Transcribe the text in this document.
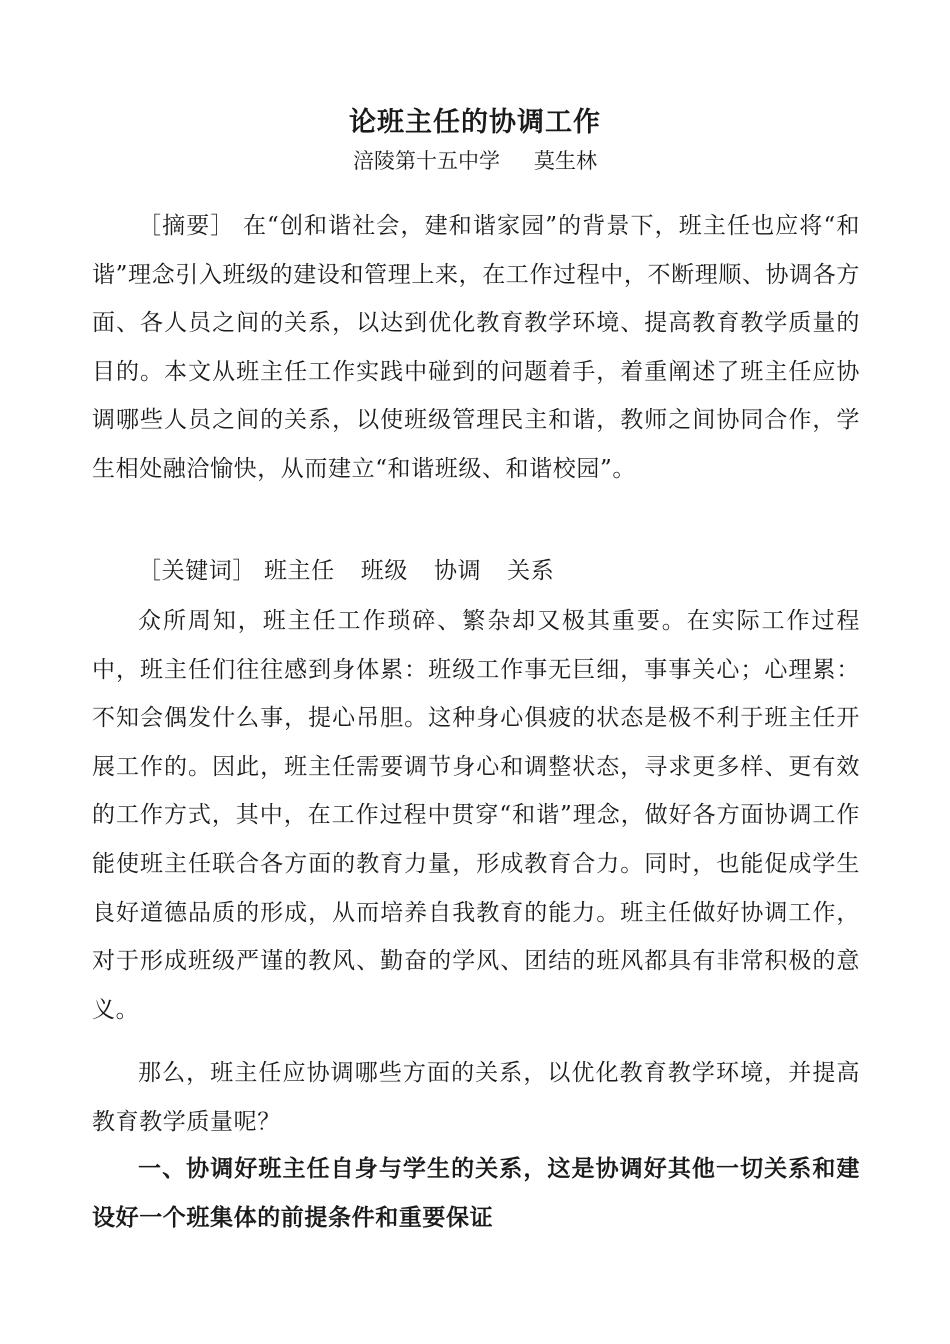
论班主任的协调工作
涪陵第十五中学 莫生林

［摘要］ 在“创和谐社会，建和谐家园”的背景下，班主任也应将“和谐”理念引入班级的建设和管理上来，在工作过程中，不断理顺、协调各方面、各人员之间的关系，以达到优化教育教学环境、提高教育教学质量的目的。本文从班主任工作实践中碰到的问题着手，着重阐述了班主任应协调哪些人员之间的关系，以使班级管理民主和谐，教师之间协同合作，学生相处融洽愉快，从而建立“和谐班级、和谐校园”。

［关键词］ 班主任 班级 协调 关系

众所周知，班主任工作琐碎、繁杂却又极其重要。在实际工作过程中，班主任们往往感到身体累：班级工作事无巨细，事事关心；心理累：不知会偶发什么事，提心吊胆。这种身心俱疲的状态是极不利于班主任开展工作的。因此，班主任需要调节身心和调整状态，寻求更多样、更有效的工作方式，其中，在工作过程中贯穿“和谐”理念，做好各方面协调工作能使班主任联合各方面的教育力量，形成教育合力。同时，也能促成学生良好道德品质的形成，从而培养自我教育的能力。班主任做好协调工作，对于形成班级严谨的教风、勤奋的学风、团结的班风都具有非常积极的意义。

那么，班主任应协调哪些方面的关系，以优化教育教学环境，并提高教育教学质量呢？

一、协调好班主任自身与学生的关系，这是协调好其他一切关系和建设好一个班集体的前提条件和重要保证
